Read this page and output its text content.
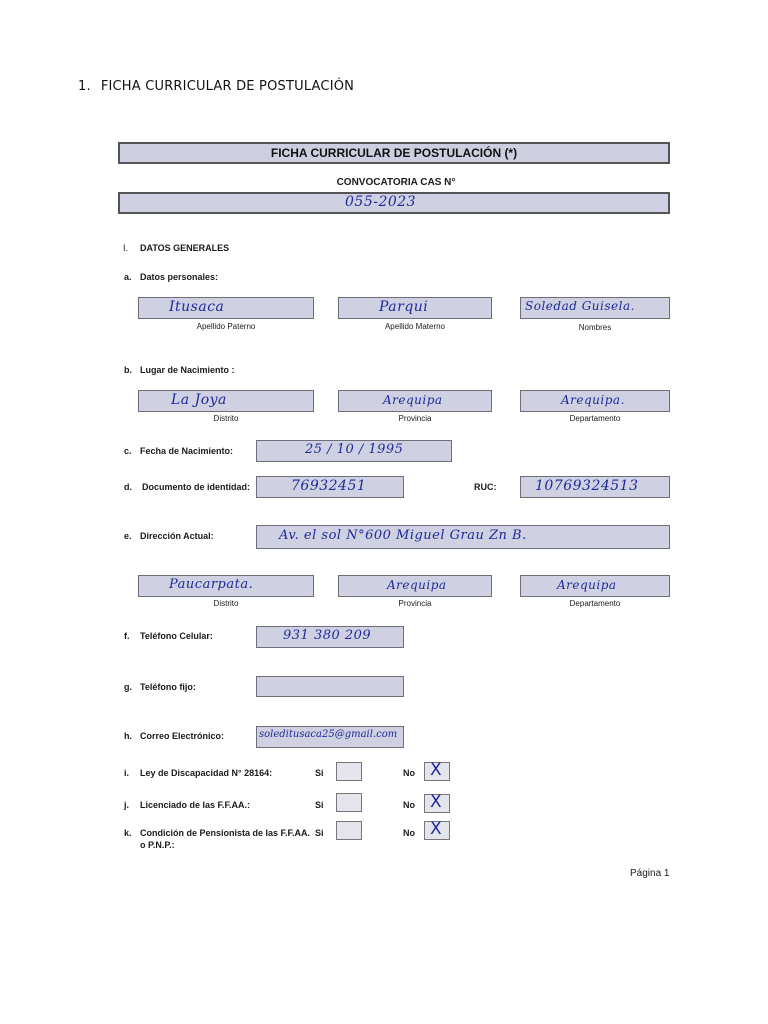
1. FICHA CURRICULAR DE POSTULACIÓN
FICHA CURRICULAR DE POSTULACIÓN (*)
CONVOCATORIA CAS N°
055-2023
I. DATOS GENERALES
a. Datos personales:
Itusaca
Apellido Paterno
Parqui
Apellido Materno
Soledad Guisela.
Nombres
b. Lugar de Nacimiento :
La Joya
Distrito
Arequipa
Provincia
Arequipa.
Departamento
c. Fecha de Nacimiento:	25 / 10 / 1995
d. Documento de identidad:	76932451	RUC:	10769324513
e. Dirección Actual:	Av. el sol N°600 Miguel Grau Zn B.
Paucarpata.
Distrito
Arequipa
Provincia
Arequipa
Departamento
f. Teléfono Celular:	931 380 209
g. Teléfono fijo:
h. Correo Electrónico:	soleditusaca25@gmail.com
i. Ley de Discapacidad N° 28164:	Si	No X
j. Licenciado de las F.F.AA.:	Si	No X
k. Condición de Pensionista de las F.F.AA.
o P.N.P.:
Si	No X
Página 1
